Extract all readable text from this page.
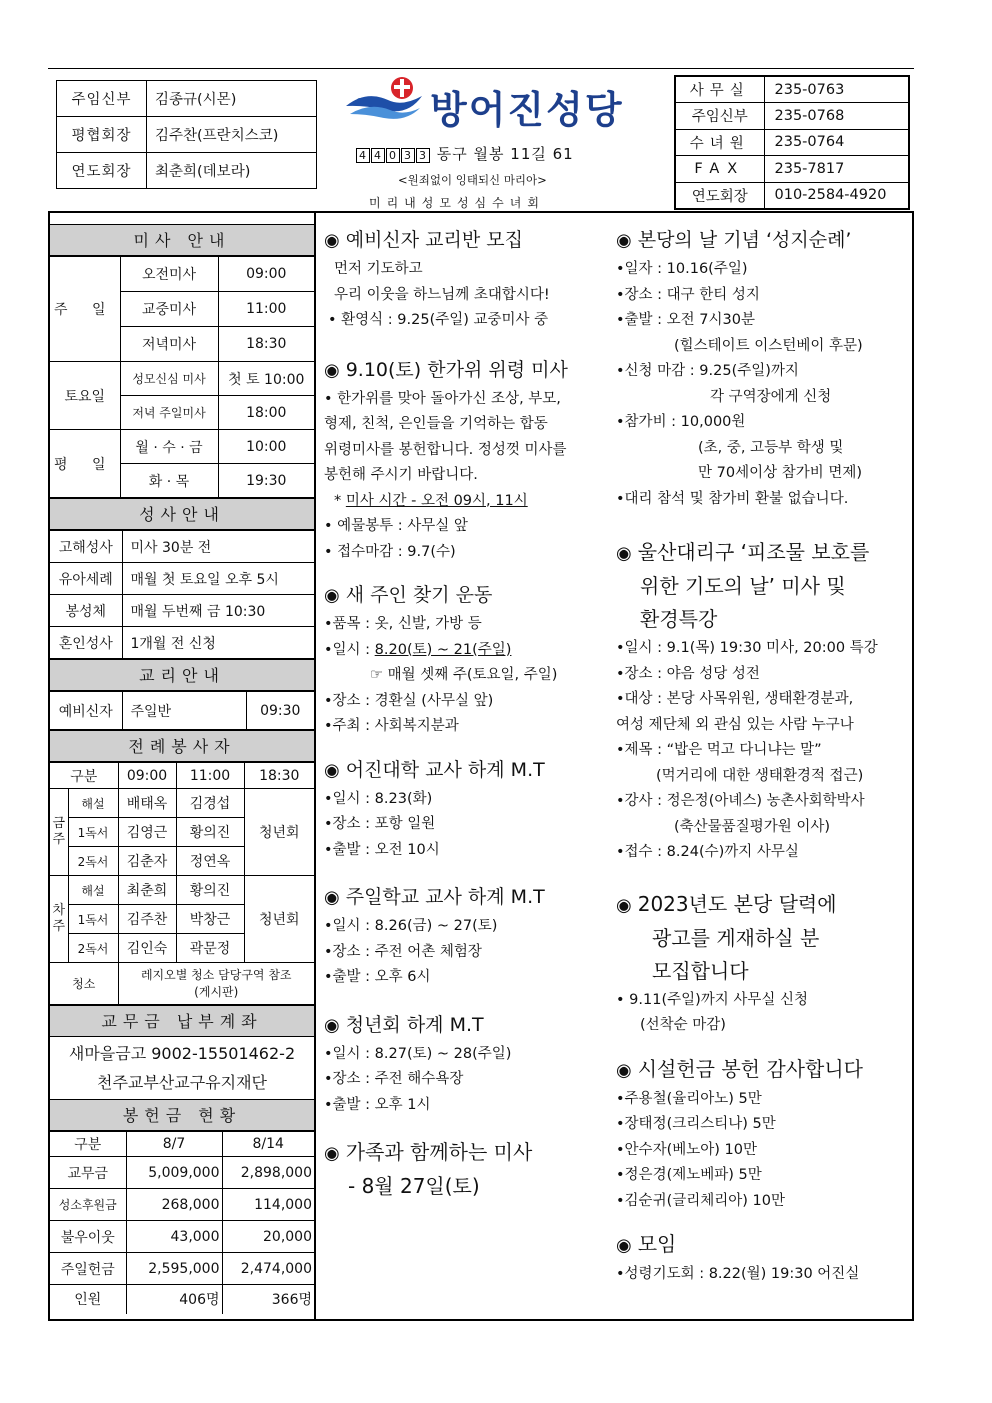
주임신부	김종규(시몬)
평협회장	김주찬(프란치스코)
연도회장	최춘희(데보라)
방어진성당
4 4 0 3 3 동구 월봉 11길 61
<원죄없이 잉태되신 마리아>
미리내성모성심수녀회
사무실	235-0763
주임신부	235-0768
수녀원	235-0764
FAX	235-7817
연도회장	010-2584-4920
미사 안내
주 일	오전미사	09:00
	교중미사	11:00
	저녁미사	18:30
토요일	성모신심 미사	첫 토 10:00
	저녁 주일미사	18:00
평 일	월 · 수 · 금	10:00
	화 · 목	19:30
성사안내
고해성사	미사 30분 전
유아세례	매월 첫 토요일 오후 5시
봉성체	매월 두번째 금 10:30
혼인성사	1개월 전 신청
교리안내
예비신자	주일반	09:30
전례봉사자
구분		09:00	11:00	18:30
금주	해설	배태옥	김경섭	청년회
	1독서	김영근	황의진	
	2독서	김춘자	정연옥	
차주	해설	최춘희	황의진	청년회
	1독서	김주찬	박창근	
	2독서	김인숙	곽문정	
청소		레지오별 청소 담당구역 참조
(게시판)		
교무금 납부계좌
새마을금고 9002-15501462-2
천주교부산교구유지재단
봉헌금 현황
구분	8/7	8/14
교무금	5,009,000	2,898,000
성소후원금	268,000	114,000
불우이웃	43,000	20,000
주일헌금	2,595,000	2,474,000
인원	406명	366명
◉ 예비신자 교리반 모집
먼저 기도하고
우리 이웃을 하느님께 초대합시다!
• 환영식 : 9.25(주일) 교중미사 중
◉ 9.10(토) 한가위 위령 미사
• 한가위를 맞아 돌아가신 조상, 부모,
형제, 친척, 은인들을 기억하는 합동
위령미사를 봉헌합니다. 정성껏 미사를
봉헌해 주시기 바랍니다.
* 미사 시간 - 오전 09시, 11시
• 예물봉투 : 사무실 앞
• 접수마감 : 9.7(수)
◉ 새 주인 찾기 운동
•품목 : 옷, 신발, 가방 등
•일시 : 8.20(토) ~ 21(주일)
☞ 매월 셋째 주(토요일, 주일)
•장소 : 경환실 (사무실 앞)
•주최 : 사회복지분과
◉ 어진대학 교사 하계 M.T
•일시 : 8.23(화)
•장소 : 포항 일원
•출발 : 오전 10시
◉ 주일학교 교사 하계 M.T
•일시 : 8.26(금) ~ 27(토)
•장소 : 주전 어촌 체험장
•출발 : 오후 6시
◉ 청년회 하계 M.T
•일시 : 8.27(토) ~ 28(주일)
•장소 : 주전 해수욕장
•출발 : 오후 1시
◉ 가족과 함께하는 미사
- 8월 27일(토)
◉ 본당의 날 기념 ‘성지순례’
•일자 : 10.16(주일)
•장소 : 대구 한티 성지
•출발 : 오전 7시30분
(힐스테이트 이스턴베이 후문)
•신청 마감 : 9.25(주일)까지
각 구역장에게 신청
•참가비 : 10,000원
(초, 중, 고등부 학생 및
만 70세이상 참가비 면제)
•대리 참석 및 참가비 환불 없습니다.
◉ 울산대리구 ‘피조물 보호를
위한 기도의 날’ 미사 및
환경특강
•일시 : 9.1(목) 19:30 미사, 20:00 특강
•장소 : 야음 성당 성전
•대상 : 본당 사목위원, 생태환경분과,
여성 제단체 외 관심 있는 사람 누구나
•제목 : “밥은 먹고 다니냐는 말”
(먹거리에 대한 생태환경적 접근)
•강사 : 정은정(아녜스) 농촌사회학박사
(축산물품질평가원 이사)
•접수 : 8.24(수)까지 사무실
◉ 2023년도 본당 달력에
광고를 게재하실 분
모집합니다
• 9.11(주일)까지 사무실 신청
(선착순 마감)
◉ 시설헌금 봉헌 감사합니다
•주용철(율리아노) 5만
•장태정(크리스티나) 5만
•안수자(베노아) 10만
•정은경(제노베파) 5만
•김순귀(글리체리아) 10만
◉ 모임
•성령기도회 : 8.22(월) 19:30 어진실
